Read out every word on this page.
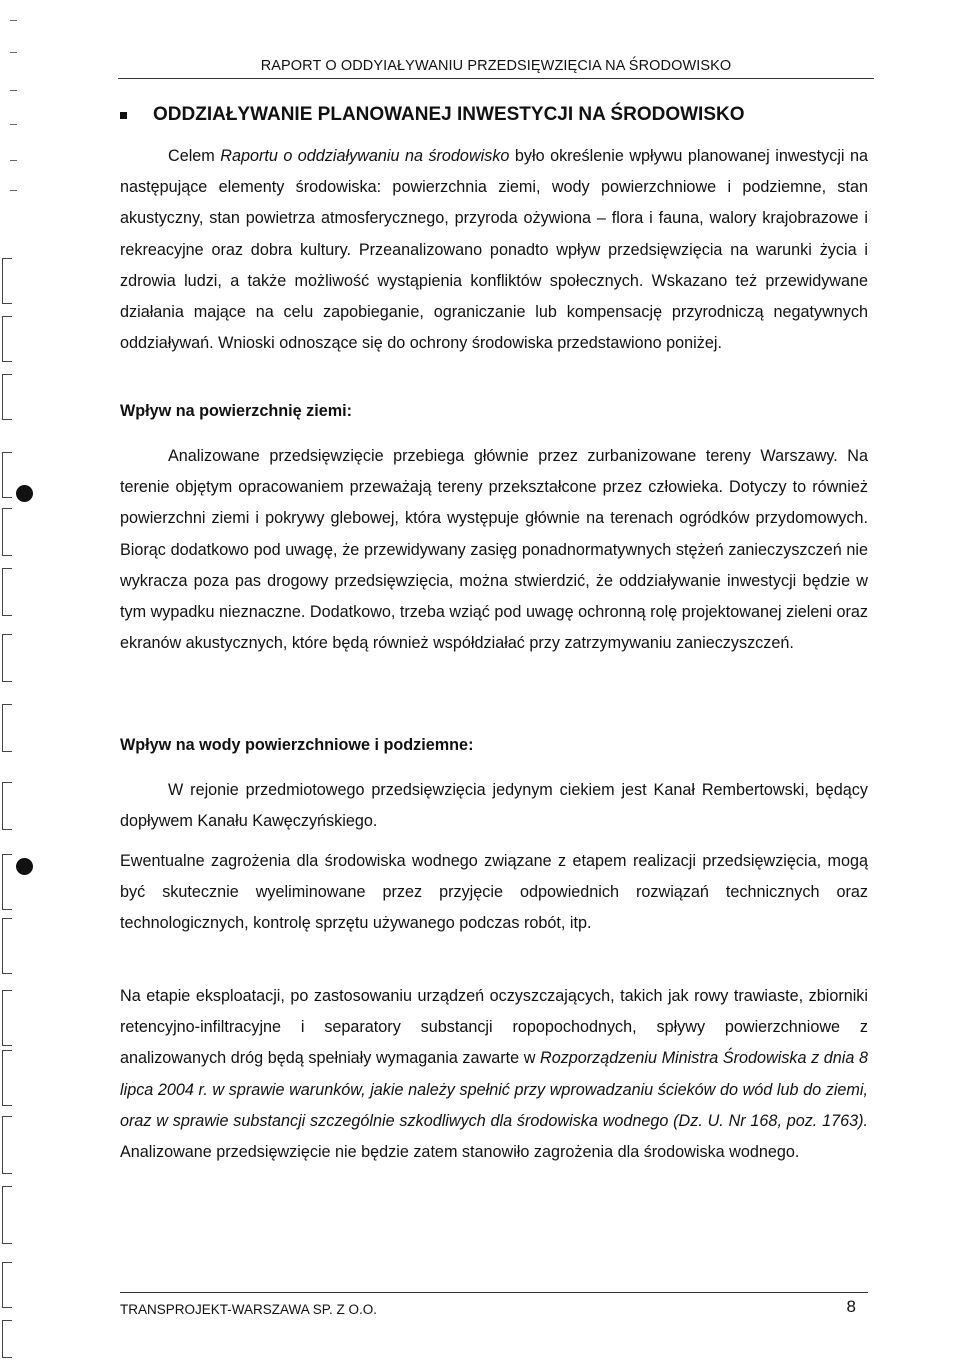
RAPORT O ODDYIAŁYWANIU PRZEDSIĘWZIĘCIA NA ŚRODOWISKO
ODDZIAŁYWANIE PLANOWANEJ INWESTYCJI NA ŚRODOWISKO
Celem Raportu o oddziaływaniu na środowisko było określenie wpływu planowanej inwestycji na następujące elementy środowiska: powierzchnia ziemi, wody powierzchniowe i podziemne, stan akustyczny, stan powietrza atmosferycznego, przyroda ożywiona – flora i fauna, walory krajobrazowe i rekreacyjne oraz dobra kultury. Przeanalizowano ponadto wpływ przedsięwzięcia na warunki życia i zdrowia ludzi, a także możliwość wystąpienia konfliktów społecznych. Wskazano też przewidywane działania mające na celu zapobieganie, ograniczanie lub kompensację przyrodniczą negatywnych oddziaływań. Wnioski odnoszące się do ochrony środowiska przedstawiono poniżej.
Wpływ na powierzchnię ziemi:
Analizowane przedsięwzięcie przebiega głównie przez zurbanizowane tereny Warszawy. Na terenie objętym opracowaniem przeważają tereny przekształcone przez człowieka. Dotyczy to również powierzchni ziemi i pokrywy glebowej, która występuje głównie na terenach ogródków przydomowych. Biorąc dodatkowo pod uwagę, że przewidywany zasięg ponadnormatywnych stężeń zanieczyszczeń nie wykracza poza pas drogowy przedsięwzięcia, można stwierdzić, że oddziaływanie inwestycji będzie w tym wypadku nieznaczne. Dodatkowo, trzeba wziąć pod uwagę ochronną rolę projektowanej zieleni oraz ekranów akustycznych, które będą również współdziałać przy zatrzymywaniu zanieczyszczeń.
Wpływ na wody powierzchniowe i podziemne:
W rejonie przedmiotowego przedsięwzięcia jedynym ciekiem jest Kanał Rembertowski, będący dopływem Kanału Kawęczyńskiego.
Ewentualne zagrożenia dla środowiska wodnego związane z etapem realizacji przedsięwzięcia, mogą być skutecznie wyeliminowane przez przyjęcie odpowiednich rozwiązań technicznych oraz technologicznych, kontrolę sprzętu używanego podczas robót, itp.
Na etapie eksploatacji, po zastosowaniu urządzeń oczyszczających, takich jak rowy trawiaste, zbiorniki retencyjno-infiltracyjne i separatory substancji ropopochodnych, spływy powierzchniowe z analizowanych dróg będą spełniały wymagania zawarte w Rozporządzeniu Ministra Środowiska z dnia 8 lipca 2004 r. w sprawie warunków, jakie należy spełnić przy wprowadzaniu ścieków do wód lub do ziemi, oraz w sprawie substancji szczególnie szkodliwych dla środowiska wodnego (Dz. U. Nr 168, poz. 1763). Analizowane przedsięwzięcie nie będzie zatem stanowiło zagrożenia dla środowiska wodnego.
TRANSPROJEKT-WARSZAWA SP. Z O.O.	8
